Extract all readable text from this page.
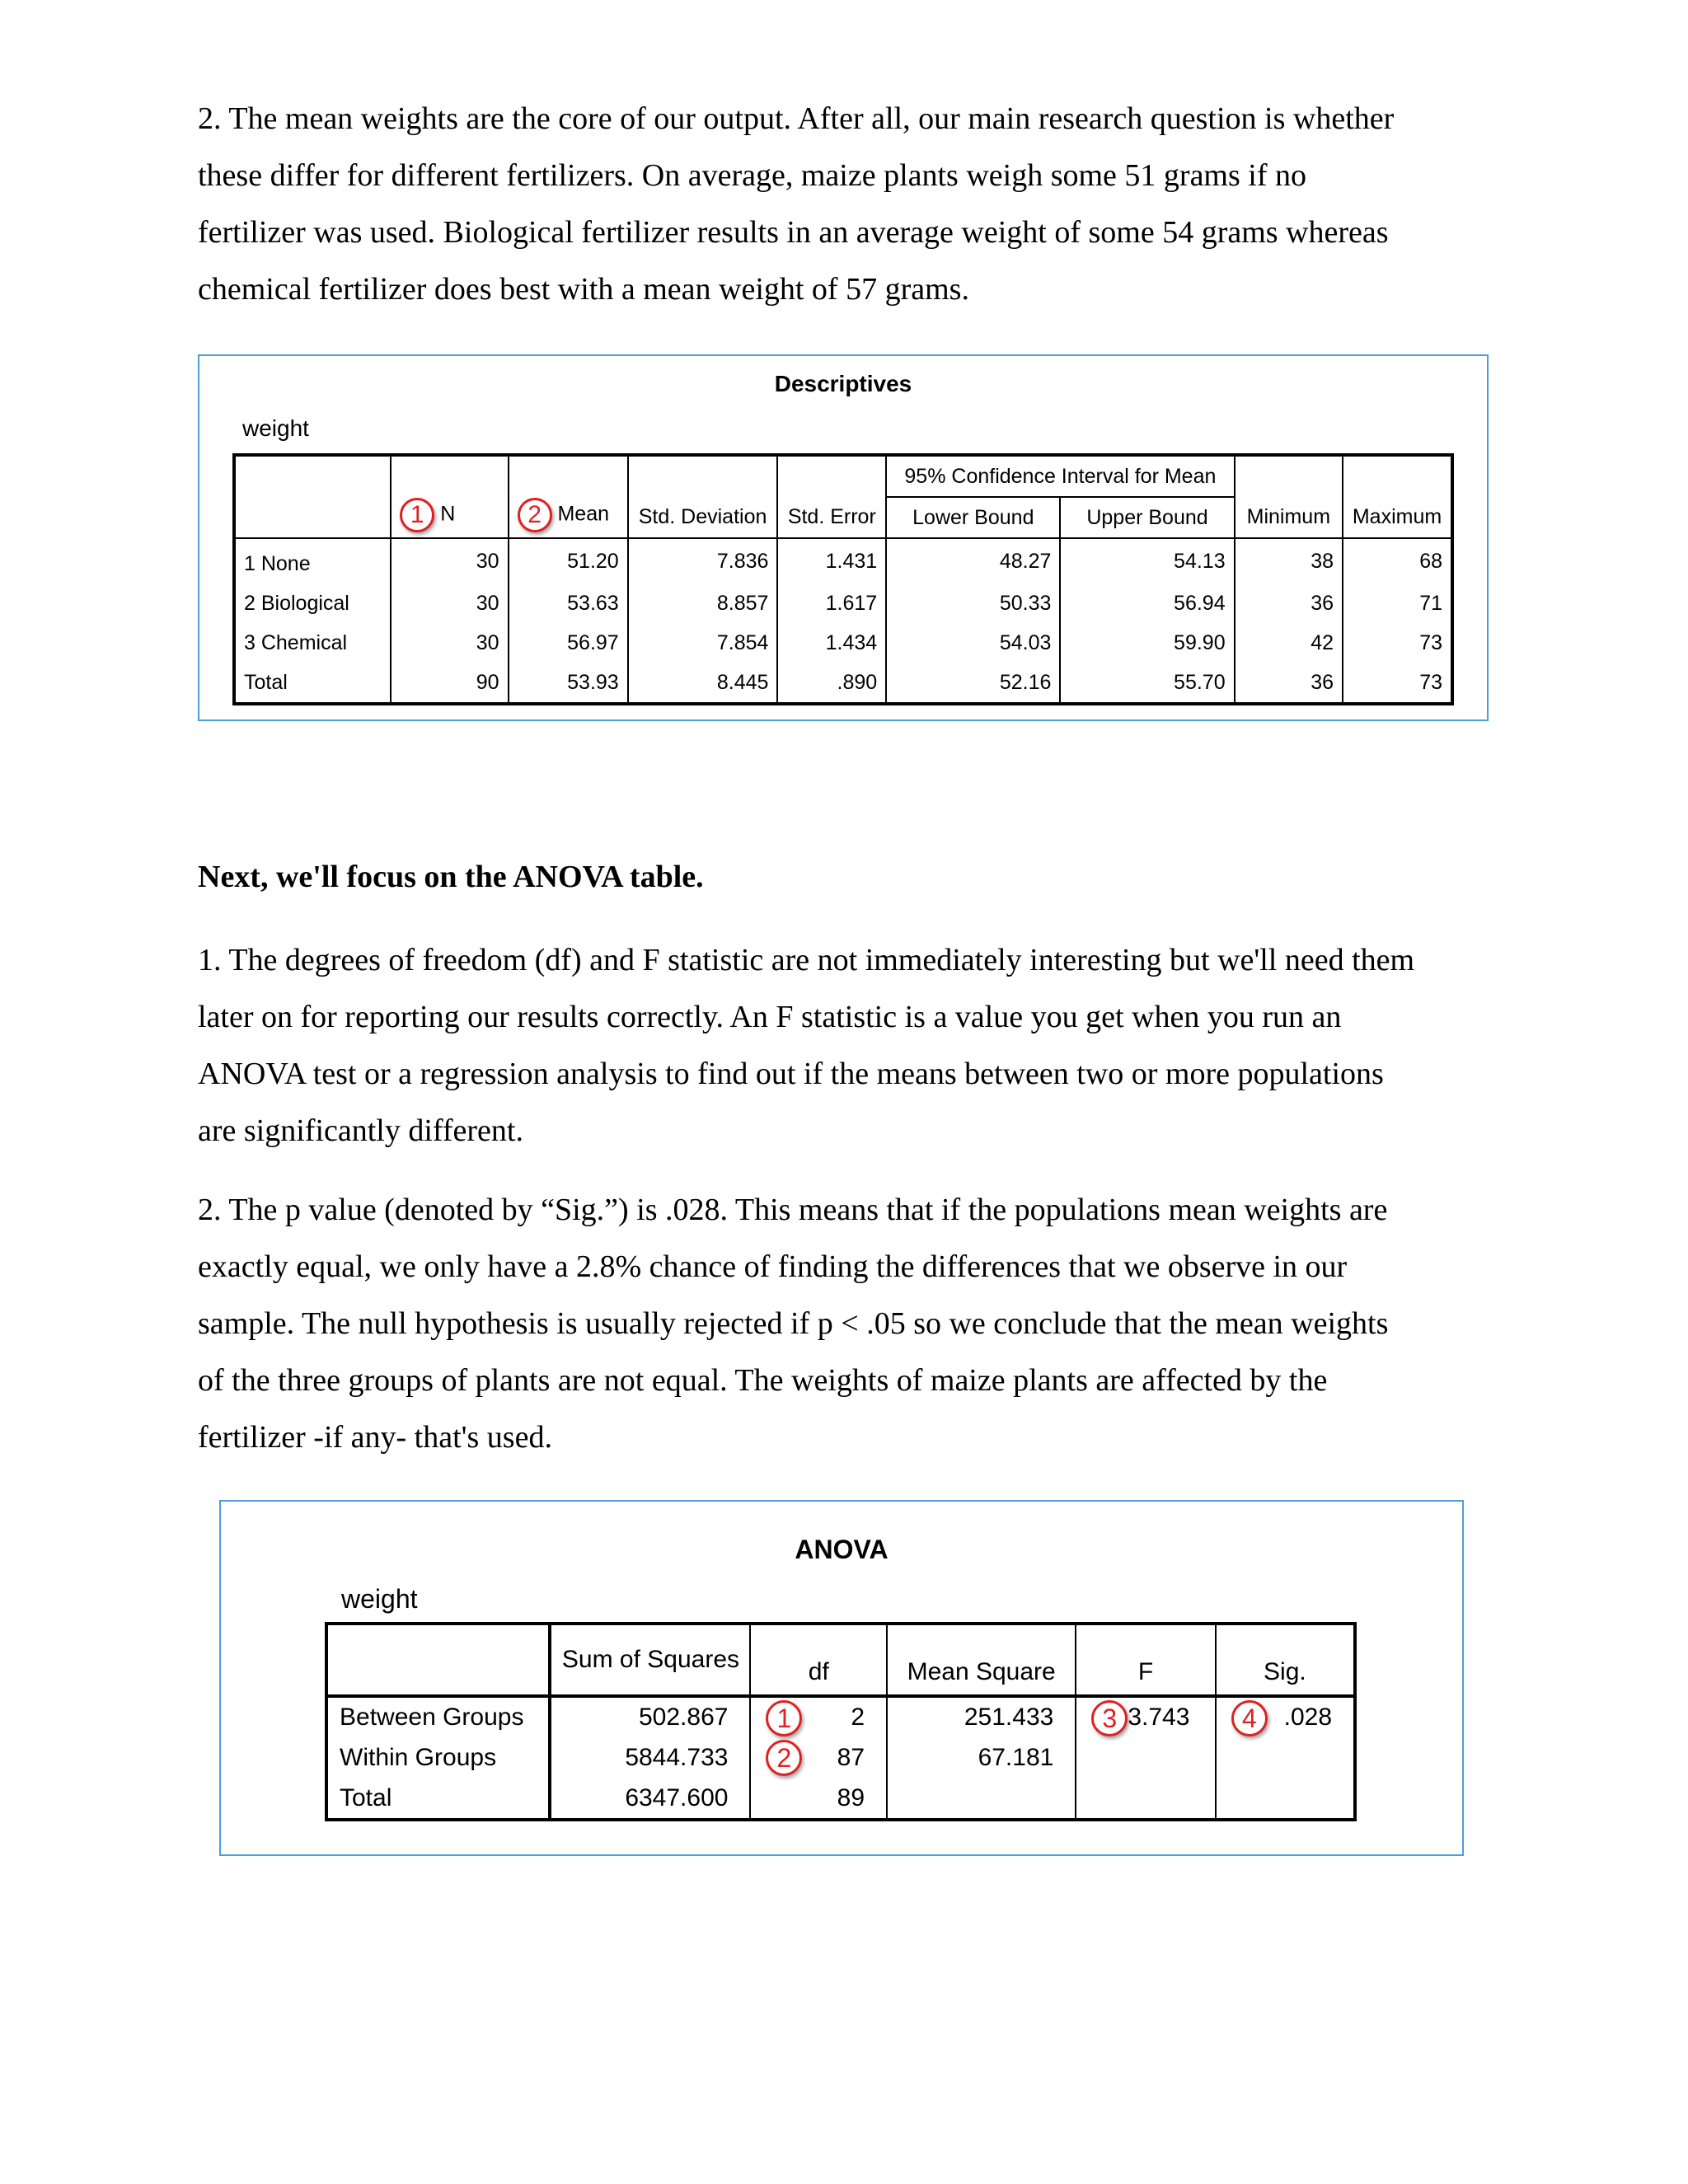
2. The mean weights are the core of our output. After all, our main research question is whether
these differ for different fertilizers. On average, maize plants weigh some 51 grams if no
fertilizer was used. Biological fertilizer results in an average weight of some 54 grams whereas
chemical fertilizer does best with a mean weight of 57 grams.
Descriptives
weight
	1 N	2 Mean	Std. Deviation	Std. Error	95% Confidence Interval for Mean		Minimum	Maximum
					Lower Bound	Upper Bound		
1 None	30	51.20	7.836	1.431	48.27	54.13	38	68
2 Biological	30	53.63	8.857	1.617	50.33	56.94	36	71
3 Chemical	30	56.97	7.854	1.434	54.03	59.90	42	73
Total	90	53.93	8.445	.890	52.16	55.70	36	73
Next, we'll focus on the ANOVA table.
1. The degrees of freedom (df) and F statistic are not immediately interesting but we'll need them
later on for reporting our results correctly. An F statistic is a value you get when you run an
ANOVA test or a regression analysis to find out if the means between two or more populations
are significantly different.
2. The p value (denoted by “Sig.”) is .028. This means that if the populations mean weights are
exactly equal, we only have a 2.8% chance of finding the differences that we observe in our
sample. The null hypothesis is usually rejected if p < .05 so we conclude that the mean weights
of the three groups of plants are not equal. The weights of maize plants are affected by the
fertilizer -if any- that's used.
ANOVA
weight
	Sum of Squares	df	Mean Square	F	Sig.
Between Groups	502.867	1 2	251.433	3 3.743	4 .028
Within Groups	5844.733	2 87	67.181		
Total	6347.600	89			
